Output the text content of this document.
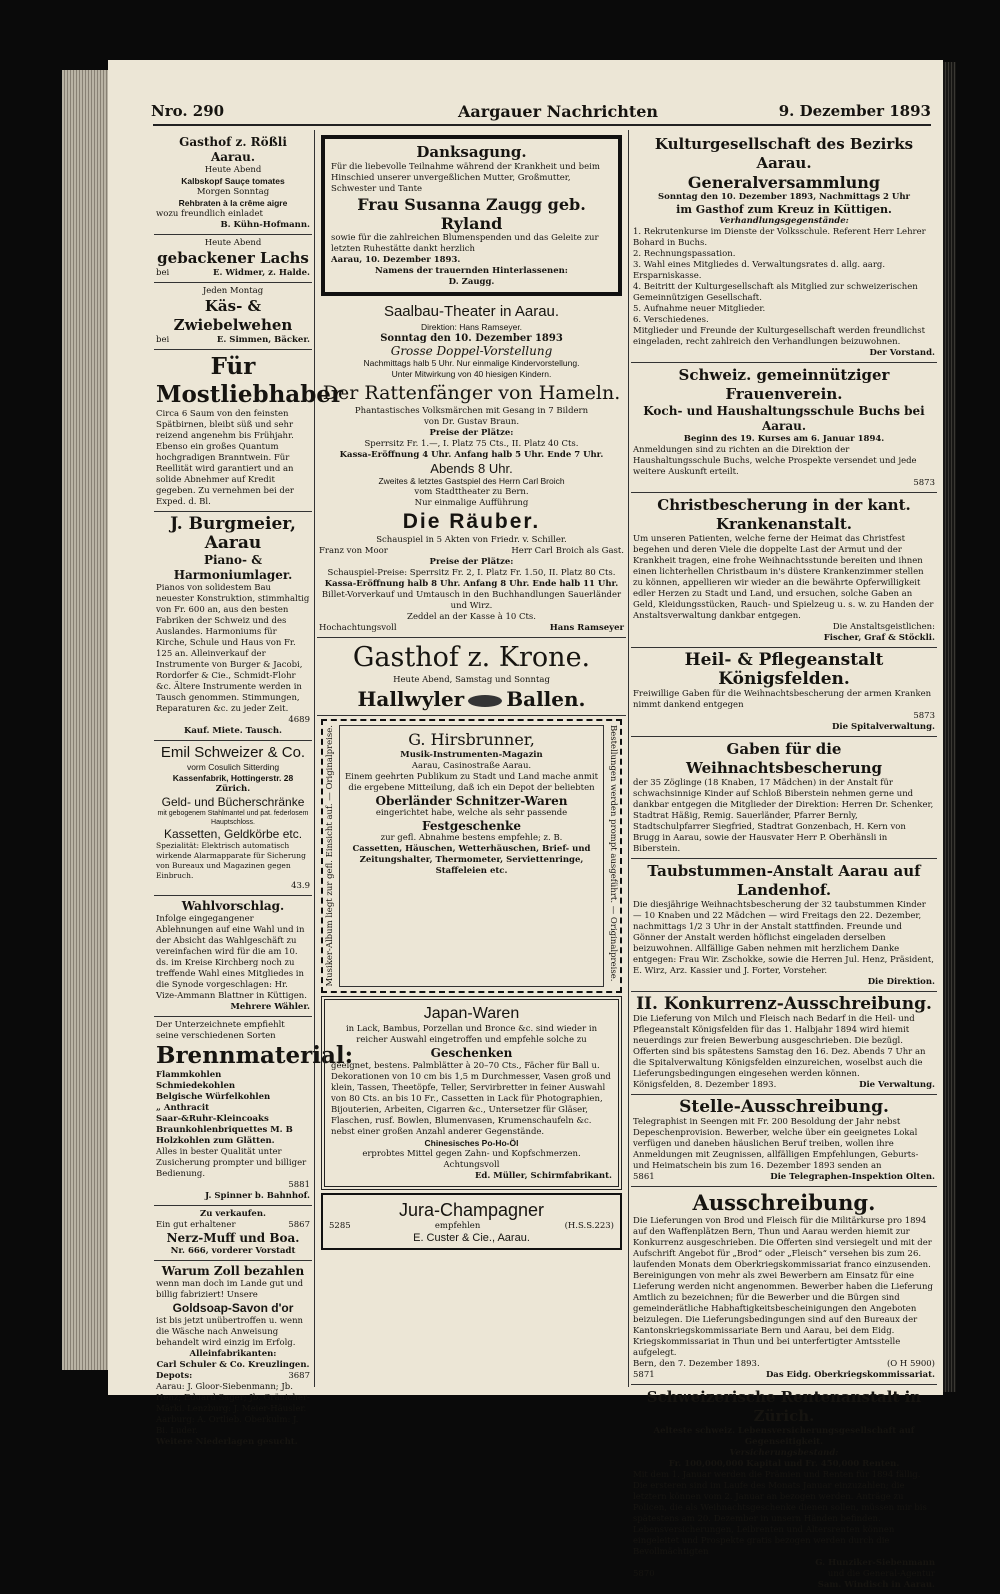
Nro. 290	Aargauer Nachrichten	9. Dezember 1893
Gasthof z. Rößli Aarau.
Heute Abend
Kalbskopf Sauçe tomates
Morgen Sonntag
Rehbraten à la crême aigre
wozu freundlich einladet
B. Kühn-Hofmann.
Heute Abend
gebackener Lachs
bei	E. Widmer, z. Halde.
Jeden Montag
Käs- & Zwiebelwehen
bei	E. Simmen, Bäcker.
Für Mostliebhaber
Circa 6 Saum von den feinsten Spätbirnen, bleibt süß und sehr reizend angenehm bis Frühjahr. Ebenso ein großes Quantum hochgradigen Branntwein. Für Reellität wird garantiert und an solide Abnehmer auf Kredit gegeben. Zu vernehmen bei der Exped. d. Bl.
J. Burgmeier, Aarau
Piano- & Harmoniumlager.
Pianos von solidestem Bau neuester Konstruktion, stimmhaltig von Fr. 600 an, aus den besten Fabriken der Schweiz und des Auslandes. Harmoniums für Kirche, Schule und Haus von Fr. 125 an. Alleinverkauf der Instrumente von Burger & Jacobi, Rordorfer & Cie., Schmidt-Flohr &c. Ältere Instrumente werden in Tausch genommen. Stimmungen, Reparaturen &c. zu jeder Zeit.
4689
Kauf. Miete. Tausch.
Emil Schweizer & Co.
vorm Cosulich Sitterding
Kassenfabrik, Hottingerstr. 28
Zürich.
Geld- und Bücherschränke
mit gebogenem Stahlmantel und pat. federlosem Hauptschloss.
Kassetten, Geldkörbe etc.
Spezialität: Elektrisch automatisch wirkende Alarmapparate für Sicherung von Bureaux und Magazinen gegen Einbruch.
43.9
Wahlvorschlag.
Infolge eingegangener Ablehnungen auf eine Wahl und in der Absicht das Wahlgeschäft zu vereinfachen wird für die am 10. ds. im Kreise Kirchberg noch zu treffende Wahl eines Mitgliedes in die Synode vorgeschlagen: Hr. Vize-Ammann Blattner in Küttigen.
Mehrere Wähler.
Der Unterzeichnete empfiehlt seine verschiedenen Sorten
Brennmaterial:
Flammkohlen
Schmiedekohlen
Belgische Würfelkohlen
„ Anthracit
Saar-&Ruhr-Kleincoaks
Braunkohlenbriquettes M. B
Holzkohlen zum Glätten.
Alles in bester Qualität unter Zusicherung prompter und billiger Bedienung.
5881
J. Spinner b. Bahnhof.
Zu verkaufen.
Ein gut erhaltener	5867
Nerz-Muff und Boa.
Nr. 666, vorderer Vorstadt
Warum Zoll bezahlen
wenn man doch im Lande gut und billig fabriziert! Unsere
Goldsoap-Savon d'or
ist bis jetzt unübertroffen u. wenn die Wäsche nach Anweisung behandelt wird einzig im Erfolg.
Alleinfabrikanten:
Carl Schuler & Co. Kreuzlingen.
Depots:	3687
Aarau: J. Gloor-Siebenmann; Jb. Henz; Eduard Sager; Jb. Gränicher-Märki. Lenzburg: J. Meier-Häusler. Aarburg: A. Ortlieb. Oberkulm: J. Bi. Luder.
Weitere Niederlagen gesucht.
Danksagung.
Für die liebevolle Teilnahme während der Krankheit und beim Hinschied unserer unvergeßlichen Mutter, Großmutter, Schwester und Tante
Frau Susanna Zaugg geb. Ryland
sowie für die zahlreichen Blumenspenden und das Geleite zur letzten Ruhestätte dankt herzlich
Aarau, 10. Dezember 1893.
Namens der trauernden Hinterlassenen:
D. Zaugg.
Saalbau-Theater in Aarau.
Direktion: Hans Ramseyer.
Sonntag den 10. Dezember 1893
Grosse Doppel-Vorstellung
Nachmittags halb 5 Uhr. Nur einmalige Kindervorstellung.
Unter Mitwirkung von 40 hiesigen Kindern.
Der Rattenfänger von Hameln.
Phantastisches Volksmärchen mit Gesang in 7 Bildern
von Dr. Gustav Braun.
Preise der Plätze:
Sperrsitz Fr. 1.—, I. Platz 75 Cts., II. Platz 40 Cts.
Kassa-Eröffnung 4 Uhr. Anfang halb 5 Uhr. Ende 7 Uhr.
Abends 8 Uhr.
Zweites & letztes Gastspiel des Herrn Carl Broich
vom Stadttheater zu Bern.
Nur einmalige Aufführung
Die Räuber.
Schauspiel in 5 Akten von Friedr. v. Schiller.
Franz von Moor	Herr Carl Broich als Gast.
Preise der Plätze:
Schauspiel-Preise: Sperrsitz Fr. 2, I. Platz Fr. 1.50, II. Platz 80 Cts.
Kassa-Eröffnung halb 8 Uhr. Anfang 8 Uhr. Ende halb 11 Uhr.
Billet-Vorverkauf und Umtausch in den Buchhandlungen Sauerländer und Wirz.
Zeddel an der Kasse à 10 Cts.
Hochachtungsvoll	Hans Ramseyer
Gasthof z. Krone.
Heute Abend, Samstag und Sonntag
Hallwyler Ballen.
Musiker-Album liegt zur gefl. Einsicht auf. — Originalpreise.	G. Hirsbrunner,
Musik-Instrumenten-Magazin
Aarau, Casinostraße Aarau.
Einem geehrten Publikum zu Stadt und Land mache anmit die ergebene Mitteilung, daß ich ein Depot der beliebten
Oberländer Schnitzer-Waren
eingerichtet habe, welche als sehr passende
Festgeschenke
zur gefl. Abnahme bestens empfehle; z. B.
Cassetten, Häuschen, Wetterhäuschen, Brief- und Zeitungshalter, Thermometer, Serviettenringe, Staffeleien etc.	Bestellungen werden prompt ausgeführt. — Originalpreise.
Japan-Waren
in Lack, Bambus, Porzellan und Bronce &c. sind wieder in reicher Auswahl eingetroffen und empfehle solche zu
Geschenken
geeignet, bestens. Palmblätter à 20–70 Cts., Fächer für Ball u. Dekorationen von 10 cm bis 1,5 m Durchmesser, Vasen groß und klein, Tassen, Theetöpfe, Teller, Servirbretter in feiner Auswahl von 80 Cts. an bis 10 Fr., Cassetten in Lack für Photographien, Bijouterien, Arbeiten, Cigarren &c., Untersetzer für Gläser, Flaschen, rusf. Bowlen, Blumenvasen, Krumenschaufeln &c. nebst einer großen Anzahl anderer Gegenstände.
Chinesisches Po-Ho-Öl
erprobtes Mittel gegen Zahn- und Kopfschmerzen.
Achtungsvoll
Ed. Müller, Schirmfabrikant.
Jura-Champagner
5285	empfehlen	(H.S.S.223)
E. Custer & Cie., Aarau.
Kulturgesellschaft des Bezirks Aarau.
Generalversammlung
Sonntag den 10. Dezember 1893, Nachmittags 2 Uhr
im Gasthof zum Kreuz in Küttigen.
Verhandlungsgegenstände:
1. Rekrutenkurse im Dienste der Volksschule. Referent Herr Lehrer Bohard in Buchs.
2. Rechnungspassation.
3. Wahl eines Mitgliedes d. Verwaltungsrates d. allg. aarg. Ersparniskasse.
4. Beitritt der Kulturgesellschaft als Mitglied zur schweizerischen Gemeinnützigen Gesellschaft.
5. Aufnahme neuer Mitglieder.
6. Verschiedenes.
Mitglieder und Freunde der Kulturgesellschaft werden freundlichst eingeladen, recht zahlreich den Verhandlungen beizuwohnen.
Der Vorstand.
Schweiz. gemeinnütziger Frauenverein.
Koch- und Haushaltungsschule Buchs bei Aarau.
Beginn des 19. Kurses am 6. Januar 1894.
Anmeldungen sind zu richten an die Direktion der Haushaltungsschule Buchs, welche Prospekte versendet und jede weitere Auskunft erteilt.
5873
Christbescherung in der kant. Krankenanstalt.
Um unseren Patienten, welche ferne der Heimat das Christfest begehen und deren Viele die doppelte Last der Armut und der Krankheit tragen, eine frohe Weihnachtsstunde bereiten und ihnen einen lichterhellen Christbaum in's düstere Krankenzimmer stellen zu können, appellieren wir wieder an die bewährte Opferwilligkeit edler Herzen zu Stadt und Land, und ersuchen, solche Gaben an Geld, Kleidungsstücken, Rauch- und Spielzeug u. s. w. zu Handen der Anstaltsverwaltung dankbar entgegen.
Die Anstaltsgeistlichen:
Fischer, Graf & Stöckli.
Heil- & Pflegeanstalt Königsfelden.
Freiwillige Gaben für die Weihnachtsbescherung der armen Kranken nimmt dankend entgegen
5873
Die Spitalverwaltung.
Gaben für die Weihnachtsbescherung
der 35 Zöglinge (18 Knaben, 17 Mädchen) in der Anstalt für schwachsinnige Kinder auf Schloß Biberstein nehmen gerne und dankbar entgegen die Mitglieder der Direktion: Herren Dr. Schenker, Stadtrat Häßig, Remig. Sauerländer, Pfarrer Bernly, Stadtschulpfarrer Siegfried, Stadtrat Gonzenbach, H. Kern von Brugg in Aarau, sowie der Hausvater Herr P. Oberhänsli in Biberstein.
Taubstummen-Anstalt Aarau auf Landenhof.
Die diesjährige Weihnachtsbescherung der 32 taubstummen Kinder — 10 Knaben und 22 Mädchen — wird Freitags den 22. Dezember, nachmittags 1/2 3 Uhr in der Anstalt stattfinden. Freunde und Gönner der Anstalt werden höflichst eingeladen derselben beizuwohnen. Allfällige Gaben nehmen mit herzlichem Danke entgegen: Frau Wir. Zschokke, sowie die Herren Jul. Henz, Präsident, E. Wirz, Arz. Kassier und J. Forter, Vorsteher.
Die Direktion.
II. Konkurrenz-Ausschreibung.
Die Lieferung von Milch und Fleisch nach Bedarf in die Heil- und Pflegeanstalt Königsfelden für das 1. Halbjahr 1894 wird hiemit neuerdings zur freien Bewerbung ausgeschrieben. Die bezügl. Offerten sind bis spätestens Samstag den 16. Dez. Abends 7 Uhr an die Spitalverwaltung Königsfelden einzureichen, woselbst auch die Lieferungsbedingungen eingesehen werden können.
Königsfelden, 8. Dezember 1893.	Die Verwaltung.
Stelle-Ausschreibung.
Telegraphist in Seengen mit Fr. 200 Besoldung der Jahr nebst Depeschenprovision. Bewerber, welche über ein geeignetes Lokal verfügen und daneben häuslichen Beruf treiben, wollen ihre Anmeldungen mit Zeugnissen, allfälligen Empfehlungen, Geburts- und Heimatschein bis zum 16. Dezember 1893 senden an
5861	Die Telegraphen-Inspektion Olten.
Ausschreibung.
Die Lieferungen von Brod und Fleisch für die Militärkurse pro 1894 auf den Waffenplätzen Bern, Thun und Aarau werden hiemit zur Konkurrenz ausgeschrieben. Die Offerten sind versiegelt und mit der Aufschrift Angebot für „Brod“ oder „Fleisch“ versehen bis zum 26. laufenden Monats dem Oberkriegskommissariat franco einzusenden. Bereinigungen von mehr als zwei Bewerbern am Einsatz für eine Lieferung werden nicht angenommen. Bewerber haben die Lieferung Amtlich zu bezeichnen; für die Bewerber und die Bürgen sind gemeinderätliche Habhaftigkeitsbescheinigungen den Angeboten beizulegen. Die Lieferungsbedingungen sind auf den Bureaux der Kantonskriegskommissariate Bern und Aarau, bei dem Eidg. Kriegskommissariat in Thun und bei unterfertigter Amtsstelle aufgelegt.
Bern, den 7. Dezember 1893.	(O H 5900)
5871	Das Eidg. Oberkriegskommissariat.
Schweizerische Rentenanstalt in Zürich.
Aelteste schweiz. Lebensversicherungsgesellschaft auf Gegenseitigkeit.
Versicherungsbestand:
Fr. 100,000,000 Kapital und Fr. 450,000 Renten.
Mit dem 1. Januar werden die Prämien und Renten für 1894 fällig. Die ersteren sind im Laufe des Monats Januar einzuzahlen; die letztern können vom 2. Januar an bezogen werden. Anträge zu Policen, die als Weihnachtsgeschenke dienen sollen, müssen mir bis spätestens am 20. Dezember in unsern Händen befinden. Lebensversicherungen, Leibrenten und Altersrenten können eingeleitet und Prospekte gratis bezogen werden durch die Bevollmächtigten
G. Hunziker-Siebenmann
5870	und die General-Agentur
Sam. Windisch in Aarau.
